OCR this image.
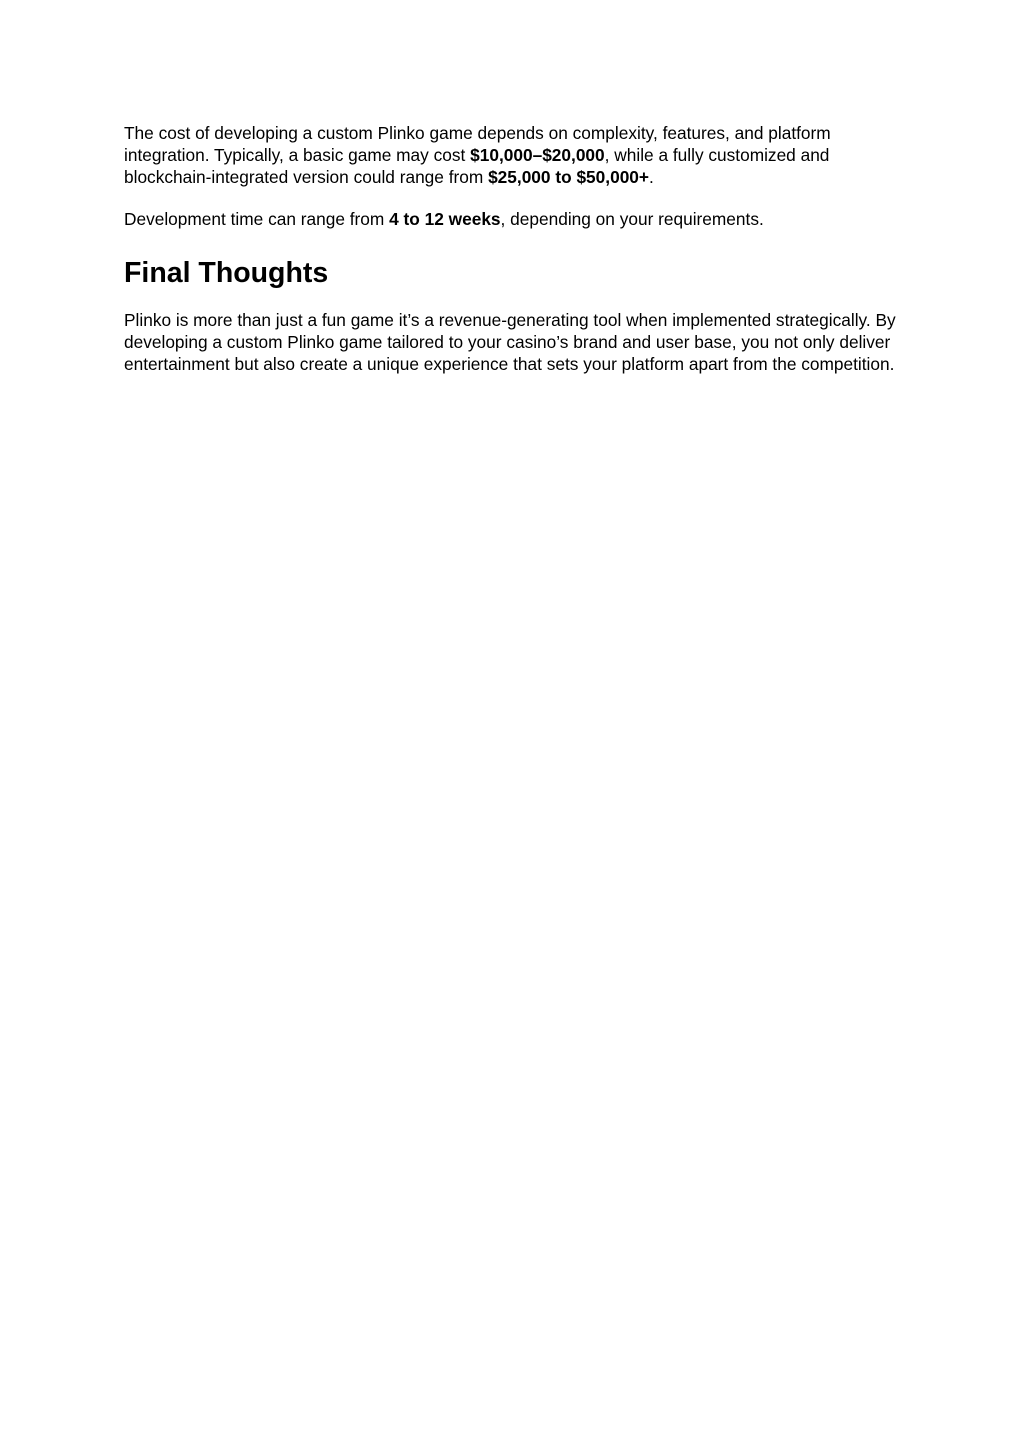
The cost of developing a custom Plinko game depends on complexity, features, and platform integration. Typically, a basic game may cost $10,000–$20,000, while a fully customized and blockchain-integrated version could range from $25,000 to $50,000+.

Development time can range from 4 to 12 weeks, depending on your requirements.

Final Thoughts

Plinko is more than just a fun game it’s a revenue-generating tool when implemented strategically. By developing a custom Plinko game tailored to your casino’s brand and user base, you not only deliver entertainment but also create a unique experience that sets your platform apart from the competition.
